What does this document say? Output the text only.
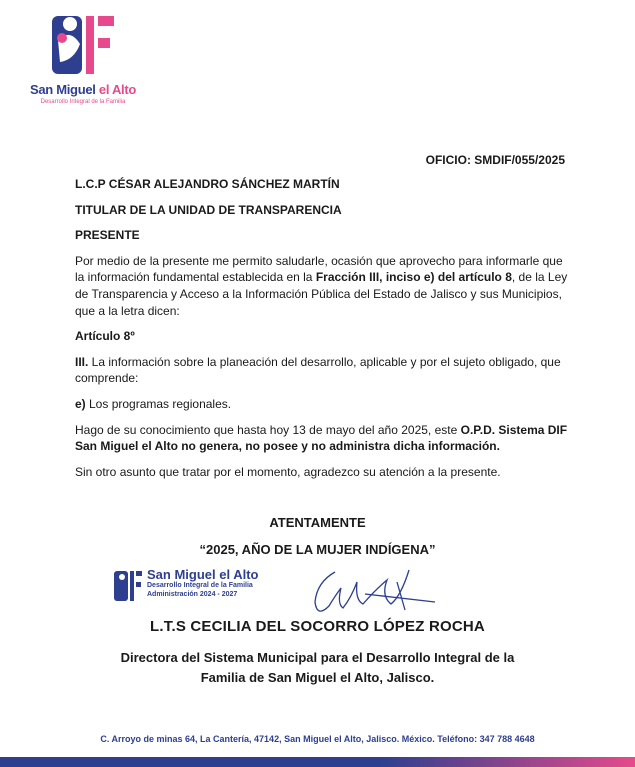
San Miguel el Alto
Desarrollo Integral de la Familia
OFICIO: SMDIF/055/2025

L.C.P CÉSAR ALEJANDRO SÁNCHEZ MARTÍN

TITULAR DE LA UNIDAD DE TRANSPARENCIA

PRESENTE

Por medio de la presente me permito saludarle, ocasión que aprovecho para informarle que la información fundamental establecida en la Fracción III, inciso e) del artículo 8, de la Ley de Transparencia y Acceso a la Información Pública del Estado de Jalisco y sus Municipios, que a la letra dicen:

Artículo 8º

III. La información sobre la planeación del desarrollo, aplicable y por el sujeto obligado, que comprende:

e) Los programas regionales.

Hago de su conocimiento que hasta hoy 13 de mayo del año 2025, este O.P.D. Sistema DIF San Miguel el Alto no genera, no posee y no administra dicha información.

Sin otro asunto que tratar por el momento, agradezco su atención a la presente.

ATENTAMENTE
“2025, AÑO DE LA MUJER INDÍGENA”
San Miguel el Alto
Desarrollo Integral de la Familia
Administración 2024 - 2027
L.T.S CECILIA DEL SOCORRO LÓPEZ ROCHA
Directora del Sistema Municipal para el Desarrollo Integral de la
Familia de San Miguel el Alto, Jalisco.
C. Arroyo de minas 64, La Cantería, 47142, San Miguel el Alto, Jalisco. México. Teléfono: 347 788 4648
